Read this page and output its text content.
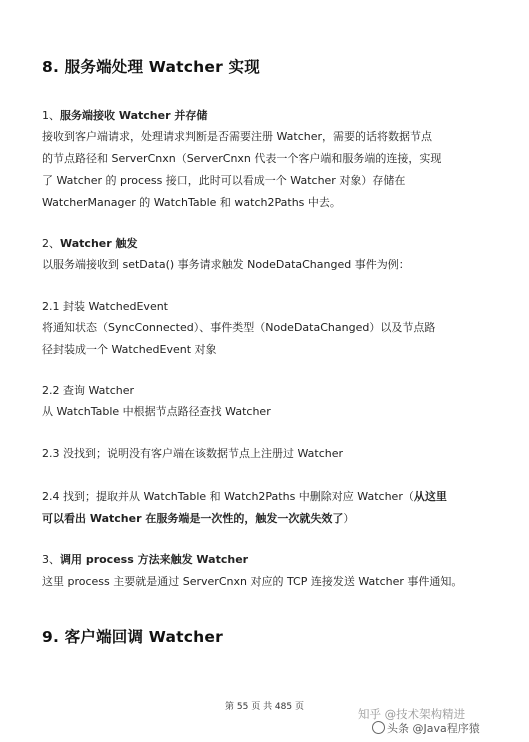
8. 服务端处理 Watcher 实现
1、服务端接收 Watcher 并存储
接收到客户端请求，处理请求判断是否需要注册 Watcher，需要的话将数据节点
的节点路径和 ServerCnxn（ServerCnxn 代表一个客户端和服务端的连接，实现
了 Watcher 的 process 接口，此时可以看成一个 Watcher 对象）存储在
WatcherManager 的 WatchTable 和 watch2Paths 中去。
2、Watcher 触发
以服务端接收到 setData() 事务请求触发 NodeDataChanged 事件为例：
2.1 封装 WatchedEvent
将通知状态（SyncConnected）、事件类型（NodeDataChanged）以及节点路
径封装成一个 WatchedEvent 对象
2.2 查询 Watcher
从 WatchTable 中根据节点路径查找 Watcher
2.3 没找到；说明没有客户端在该数据节点上注册过 Watcher
2.4 找到；提取并从 WatchTable 和 Watch2Paths 中删除对应 Watcher（从这里
可以看出 Watcher 在服务端是一次性的，触发一次就失效了）
3、调用 process 方法来触发 Watcher
这里 process 主要就是通过 ServerCnxn 对应的 TCP 连接发送 Watcher 事件通知。
9. 客户端回调 Watcher
第 55 页 共 485 页	知乎 @技术架构精进
头条 @Java程序猿
